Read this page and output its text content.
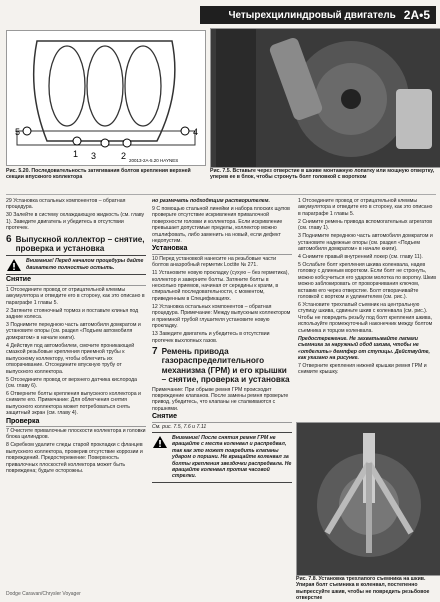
Четырехцилиндровый двигатель 2А•5
5
1 3	2
4
20013-2А-5.20 HAYNES
Рис. 5.20. Последовательность затягивания болтов крепления верхней секции впускного коллектора
Рис. 7.5. Вставьте через отверстие в шкиве монтажную лопатку или мощную отвертку, уперев ее в блок, чтобы стронуть болт головкой с воротком

29 Установка остальных компонентов – обратная процедура.

30 Залейте в систему охлаждающую жидкость (см. главу 1). Заведите двигатель и убедитесь в отсутствии протечек.

6 Выпускной коллектор – снятие, проверка и установка
Внимание! Перед началом процедуры дайте двигателю полностью остыть.
Снятие

1 Отсоедините провод от отрицательной клеммы аккумулятора и отведите его в сторону, как это описано в параграфе 1 главы 5.

2 Затяните стояночный тормоз и поставьте клинья под задние колеса.

3 Поднимите переднюю часть автомобиля домкратом и установите опоры (см. раздел «Подъем автомобиля домкратом» в начале книги).

4 Действуя под автомобилем, смочите проникающей смазкой резьбовые крепления приемной трубы к выпускному коллектору, чтобы облегчить их отворачивание. Отсоедините впускную трубу от выпускного коллектора.

5 Отсоедините провод от верхнего датчика кислорода (см. главу 6).

6 Отверните болты крепления выпускного коллектора и снимите его. Примечание: Для облегчения снятия выпускного коллектора может потребоваться снять защитный экран (см. главу 4).

Проверка

7 Очистите привалочные плоскости коллектора и головки блока цилиндров.

8 Скребком удалите следы старой прокладки с фланцев выпускного коллектора, проверив отсутствие коррозии и повреждений. Предостережение: Поверхность привалочных плоскостей коллектора может быть повреждена; будьте осторожны.

но размечать подходящим растворителем.

9 С помощью стальной линейки и набора плоских щупов проверьте отсутствие искривления привалочной поверхности головки и коллектора. Если искривление превышает допустимые пределы, коллектор можно отшлифовать, либо заменить на новый, если дефект недопустим.

Установка

10 Перед установкой нанесите на резьбовые части болтов анаэробный герметик Loctite № 271.

11 Установите новую прокладку (сухую – без герметика), коллектор и заверните болты. Затяните болты в несколько приемов, начиная от середины к краям, в спиральной последовательности, с моментом, приведенным в Спецификациях.

12 Установка остальных компонентов – обратная процедура. Примечание: Между выпускным коллектором и приемной трубой глушителя установите новую прокладку.

13 Заведите двигатель и убедитесь в отсутствии протечек выхлопных газов.

7 Ремень привода газораспределительного механизма (ГРМ) и его крышки – снятие, проверка и установка

Примечание: При обрыве ремня ГРМ происходит повреждение клапанов. После замены ремня проверьте привод, убедитесь, что клапаны не сталкиваются с поршнями.

Снятие

См. рис. 7.5, 7.6 и 7.11

Внимание! После снятия ремня ГРМ не вращайте с места коленвал и распредвал, так как это может повредить клапаны ударом о поршни. Не вращайте коленвал за болты крепления звездочки распредвала. Не вращайте коленвал против часовой стрелки.

1 Отсоедините провод от отрицательной клеммы аккумулятора и отведите его в сторону, как это описано в параграфе 1 главы 5.

2 Снимите ремень привода вспомогательных агрегатов (см. главу 1).

3 Поднимите переднюю часть автомобиля домкратом и установите надежные опоры (см. раздел «Подъем автомобиля домкратом» в начале книги).

4 Снимите правый внутренний локер (см. главу 11).

5 Ослабьте болт крепления шкива коленвала, надев головку с длинным воротком. Если болт не стронуть, можно кобсучиться его ударом молотка по воротку. Шкив можно заблокировать от проворачивания ключом, вставив его через отверстие. Болт отворачивайте головкой с вортком и удлинителем (см. рис.).

6 Установите трехлапый съемник на центральную ступицу шкива, сдвиньте шкив с коленвала (см. рис.). Чтобы не повредить резьбу под болт крепления шкива, используйте промежуточный наконечник между болтом съемника и торцом коленвала.

Предостережение. Не захватывайте лапами съемника за наружный обод шкива, чтобы не «отделить» демпфер от ступицы. Действуйте, как указано на рисунке.

7 Отверните крепления нижней крышки ремня ГРМ и снимите крышку.

Рис. 7.8. Установка трехлапого съемника на шкив. Упирая болт съемника в коленвал, постепенно выпрессуйте шкив, чтобы не повредить резьбовое отверстие
Dodge Caravan/Chrysler Voyager
